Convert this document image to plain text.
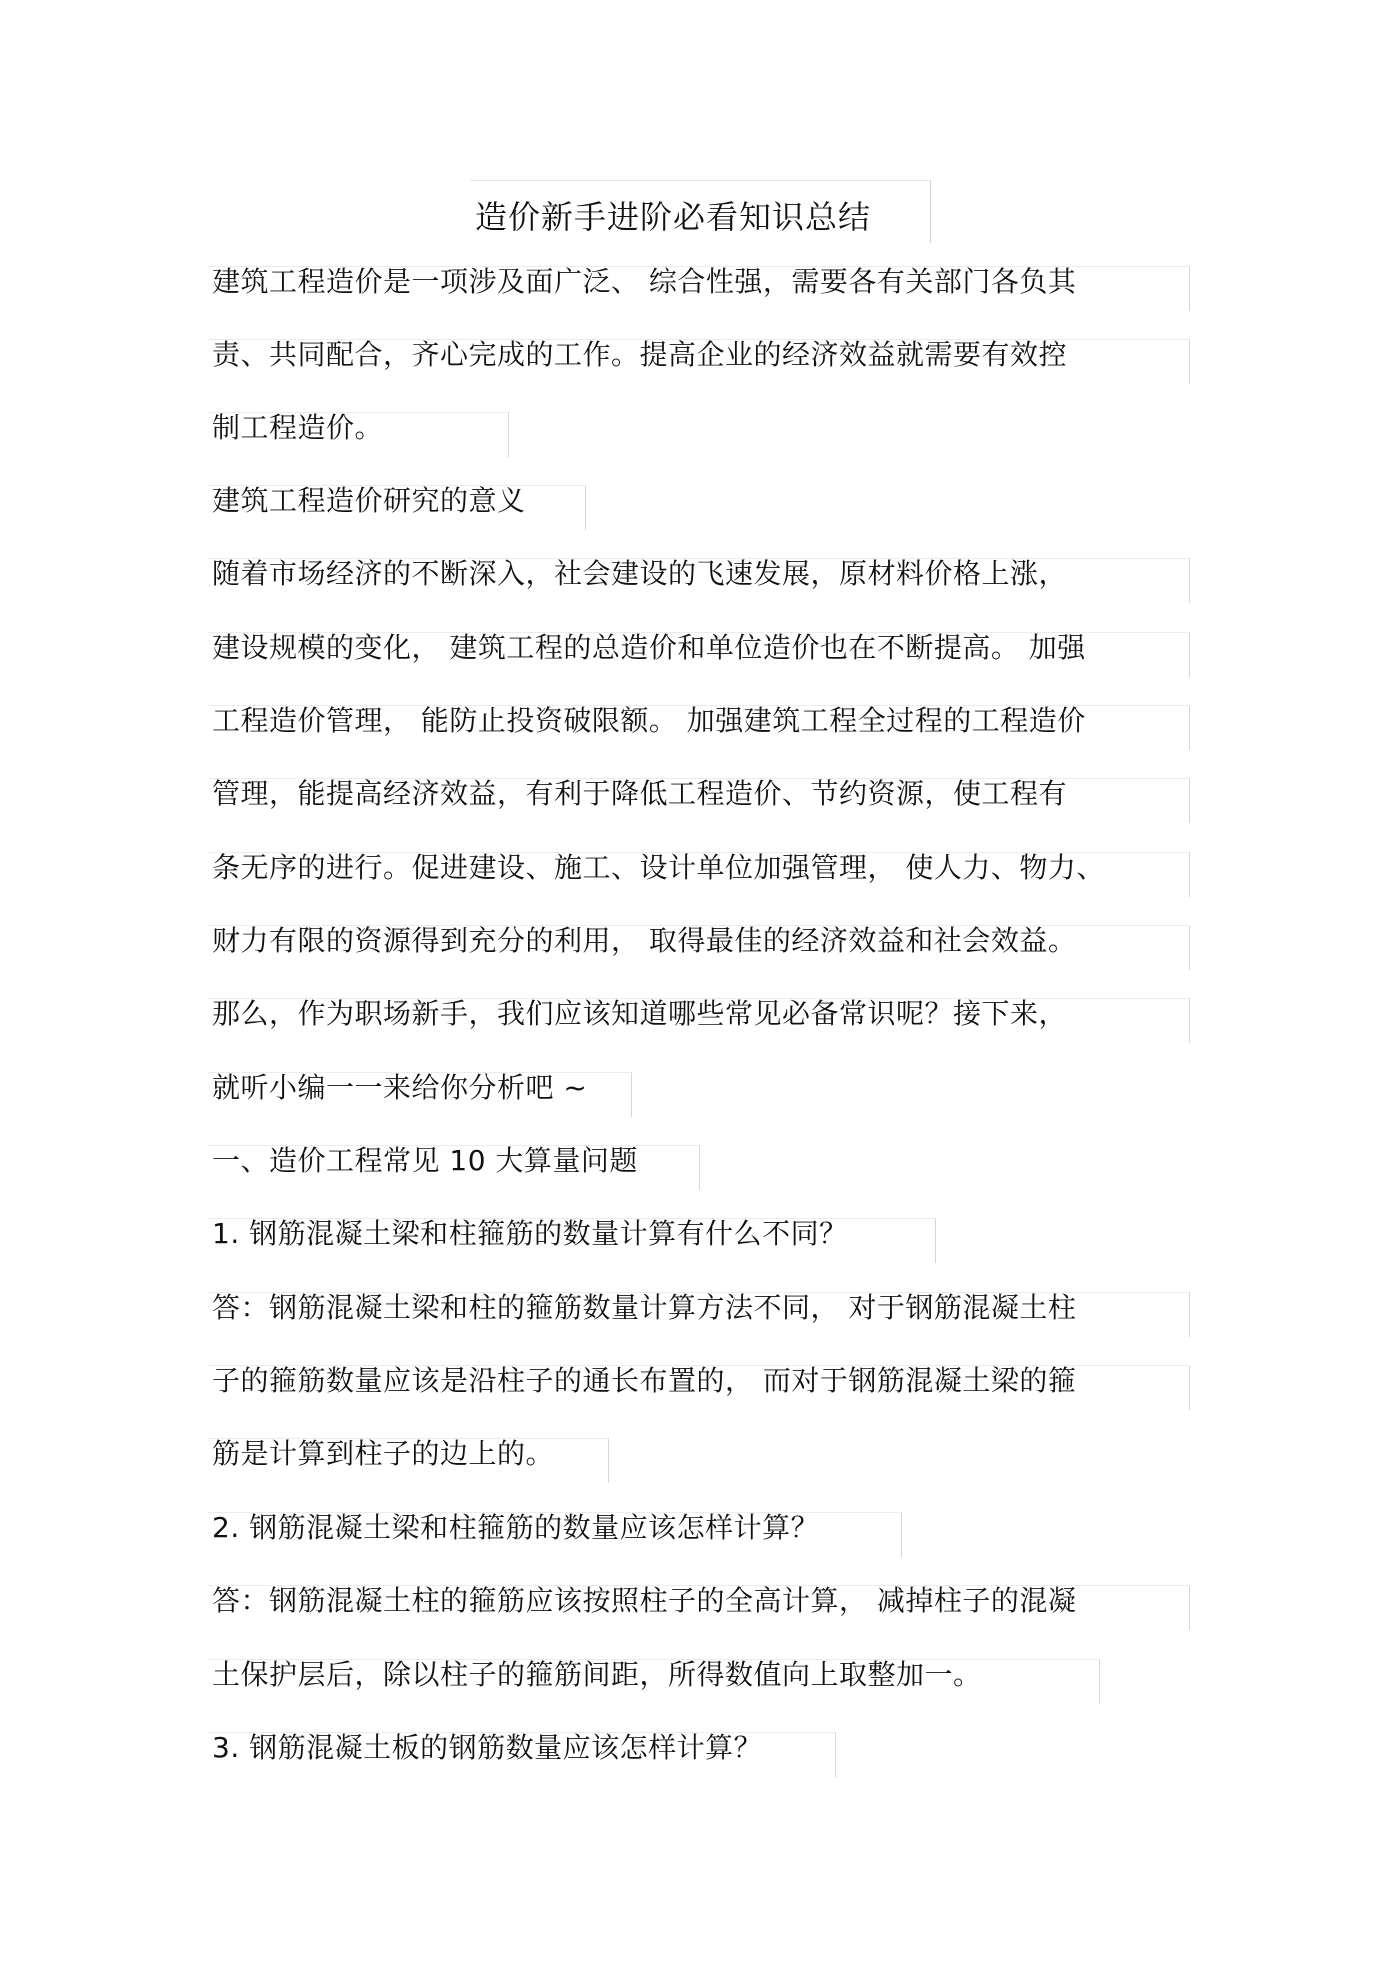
造价新手进阶必看知识总结
建筑工程造价是一项涉及面广泛、 综合性强，需要各有关部门各负其
责、共同配合，齐心完成的工作。提高企业的经济效益就需要有效控
制工程造价。
建筑工程造价研究的意义
随着市场经济的不断深入，社会建设的飞速发展，原材料价格上涨，
建设规模的变化， 建筑工程的总造价和单位造价也在不断提高。 加强
工程造价管理， 能防止投资破限额。 加强建筑工程全过程的工程造价
管理，能提高经济效益，有利于降低工程造价、节约资源，使工程有
条无序的进行。促进建设、施工、设计单位加强管理， 使人力、物力、
财力有限的资源得到充分的利用， 取得最佳的经济效益和社会效益。
那么，作为职场新手，我们应该知道哪些常见必备常识呢？接下来，
就听小编一一来给你分析吧 ~
一、造价工程常见 10 大算量问题
1. 钢筋混凝土梁和柱箍筋的数量计算有什么不同？
答：钢筋混凝土梁和柱的箍筋数量计算方法不同， 对于钢筋混凝土柱
子的箍筋数量应该是沿柱子的通长布置的， 而对于钢筋混凝土梁的箍
筋是计算到柱子的边上的。
2. 钢筋混凝土梁和柱箍筋的数量应该怎样计算？
答：钢筋混凝土柱的箍筋应该按照柱子的全高计算， 减掉柱子的混凝
土保护层后，除以柱子的箍筋间距，所得数值向上取整加一。
3. 钢筋混凝土板的钢筋数量应该怎样计算？
